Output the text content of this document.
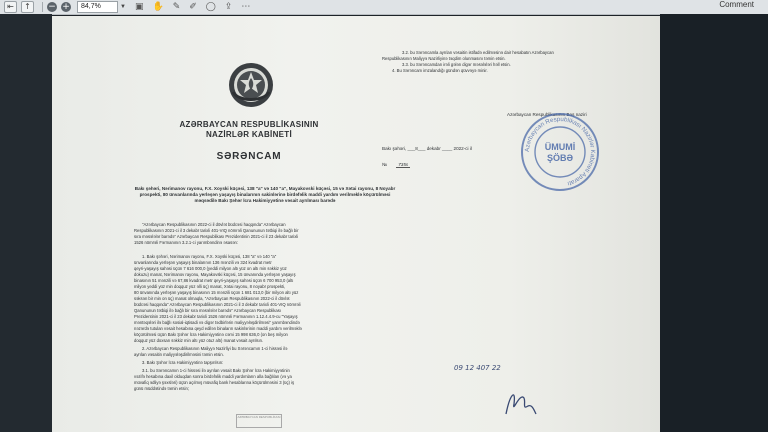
⇤	↑	− +	84,7%	▼ ▣ ✋ ✎ ✐ ◯ ⇪ ⋯	Comment
AZƏRBAYCAN RESPUBLİKASININ
NAZİRLƏR KABİNETİ
SƏRƏNCAM
3.2. bu Sərəncamla ayrılan vəsaitin istifadə edilməsinə dair hesabatın Azərbaycan
Respublikasının Maliyyə Nazirliyinə təqdim olunmasını təmin etsin.
3.3. bu Sərəncamdan irəli gələn digər məsələləri həll etsin.
4. Bu Sərəncam imzalandığı gündən qüvvəyə minir.
Azərbaycan Respublikasının Baş naziri
Bakı şəhəri, ___8___ dekabr ____ 2022-ci il
№ 735s
Bakı şəhəri, Nərimanov rayonu, F.X. Xoyski küçəsi, 138 "a" və 140 "a", Mayakovski küçəsi, 15 və Xətai rayonu, 8 Noyabr prospekti, 80 ünvanlarında yerləşən yaşayış binalarının sakinlərinə birdəfəlik maddi yardım verilməklə köçürülməsi məqsədilə Bakı Şəhər İcra Hakimiyyətinə vəsait ayrılması barədə
"Azərbaycan Respublikasının 2022-ci il dövlət büdcəsi haqqında" Azərbaycan
Respublikasının 2021-ci il 3 dekabr tarixli 401-VIQ nömrəli Qanununun tətbiqi ilə bağlı bir
sıra məsələlər barədə" Azərbaycan Respublikası Prezidentinin 2021-ci il 23 dekabr tarixli
1526 nömrəli Fərmanının 3.2.1-ci yarımbəndinə əsasən:
1. Bakı şəhəri, Nərimanov rayonu, F.X. Xoyski küçəsi, 138 "a" və 140 "a"
ünvanlarında yerləşən yaşayış binalarının 136 mənzili və 324 kvadrat metr
qeyri-yaşayış sahəsi üçün 7 616 000,0 (yeddi milyon altı yüz on altı min səkkiz yüz
dokuzu) manat, Nərimanov rayonu, Mayakovski küçəsi, 15 ünvanında yerləşən yaşayış
binasının 51 mənzili və 67,86 kvadrat metr qeyri-yaşayış sahəsi üçün 6 700 953,0 (altı
milyon yeddi yüz min doqquz yüz əlli üç) manat, Xətai rayonu, 8 noyabr prospekti,
80 ünvanında yerləşən yaşayış binasının 15 mənzili üçün 1 681 013,0 (bir milyon altı yüz
səksən bir min on üç) manat olmaqla, "Azərbaycan Respublikasının 2022-ci il dövlət
büdcəsi haqqında" Azərbaycan Respublikasının 2021-ci il 3 dekabr tarixli 401-VIQ nömrəli
Qanununun tətbiqi ilə bağlı bir sıra məsələlər barədə" Azərbaycan Respublikası
Prezidentinin 2021-ci il 23 dekabr tarixli 1526 nömrəli Fərmanının 1.12.4.4.9-cu "Yaşayış
məntəqələri ilə bağlı sosial-iqtisadi və digər tədbirlərin maliyyələşdirilməsi" yarımbəndində
nəzərdə tutulan vəsait hesabına qeyd edilən binaların sakinlərinin maddi yardım verilməklə
köçürülməsi üçün Bakı Şəhər İcra Hakimiyyətinə cəmi 15 998 636,0 (on beş milyon
doqquz yüz doxsan səkkiz min altı yüz otuz altı) manat vəsait ayrılsın.
2. Azərbaycan Respublikasının Maliyyə Nazirliyi bu Sərəncamın 1-ci hissəsi ilə
ayrılan vəsaitin maliyyələşdirilməsini təmin etsin.
3. Bakı Şəhər İcra Hakimiyyətinə tapşırılsın:
3.1. bu Sərəncamın 1-ci hissəsi ilə ayrılan vəsait Bakı Şəhər İcra Hakimiyyətinin
vəzifə hesabına daxil olduqdan sonra birdəfəlik maddi yardımların alla bağlılan (və ya
müvafiq ədliyə şəxsləri) üçün açılmış müvafiq bank hesablarına köçürülməsini 3 (üç) iş
günü müddətində təmin etsin;
Azərbaycan Respublikası Nazirlər Kabineti Aparatı
ÜMUMİ
ŞÖBƏ
09 12 407 22
AZƏRBAYCAN RESPUBLİKASI
